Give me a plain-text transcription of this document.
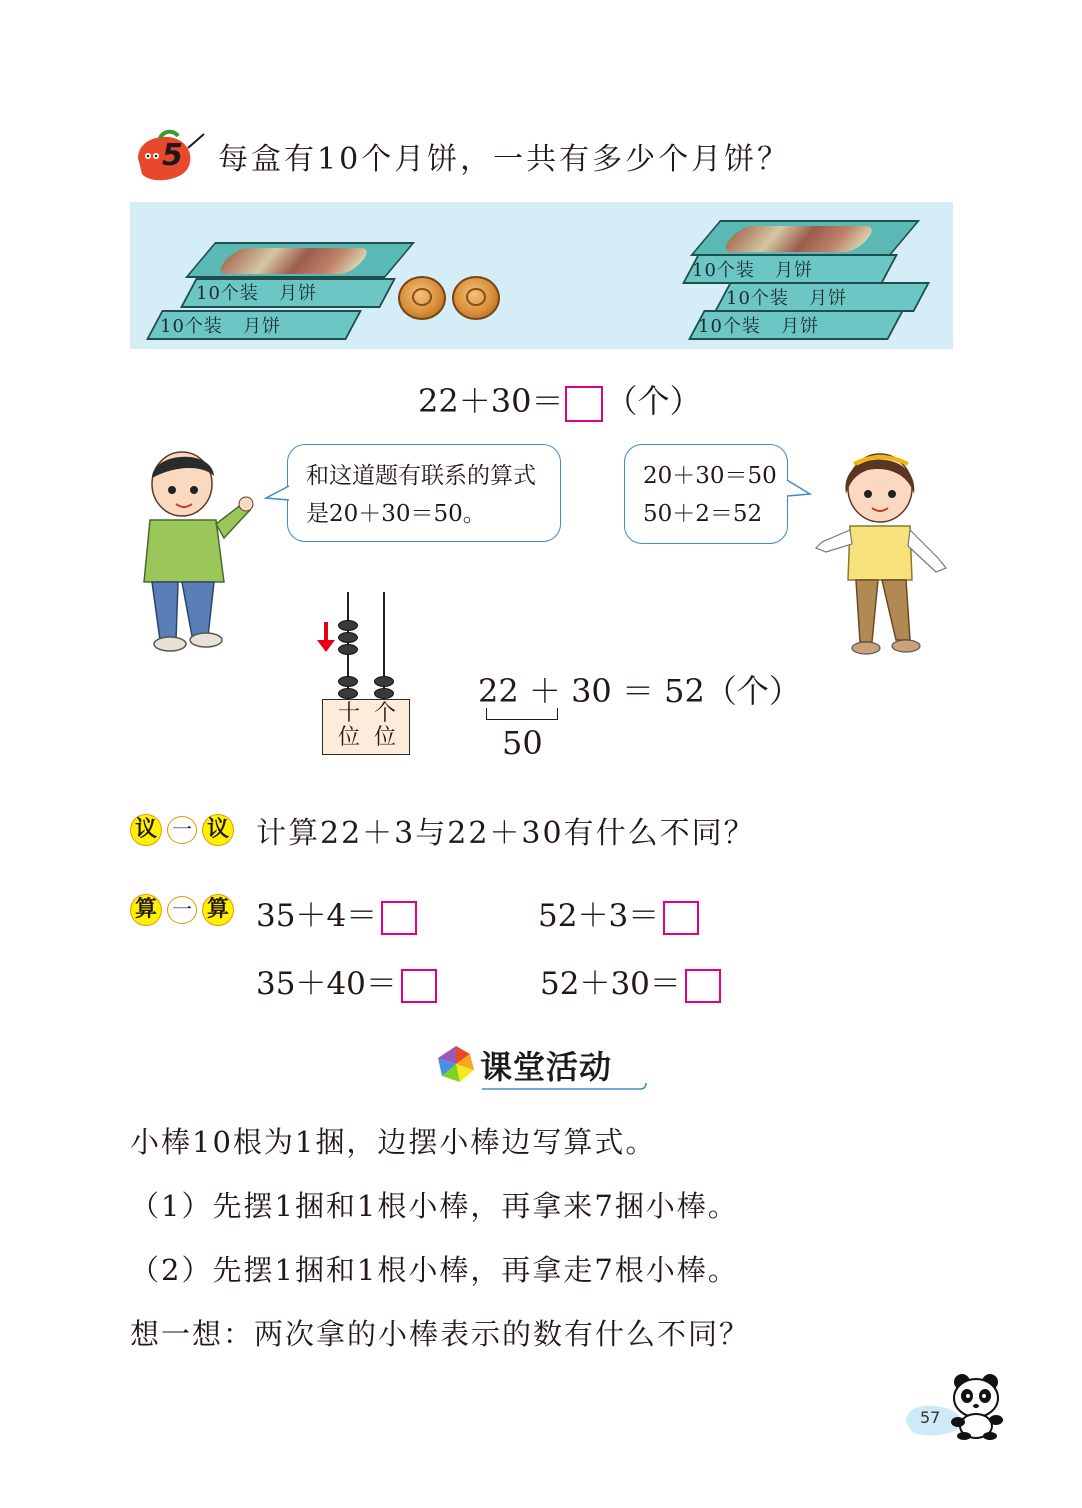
5 每盒有10个月饼，一共有多少个月饼？
10个装 月饼
10个装 月饼
10个装 月饼
10个装 月饼
10个装 月饼
22＋30＝ （个）
和这道题有联系的算式
是20＋30＝50。
20＋30＝50
50＋2＝52
十
位
个
位
22 ＋ 30 ＝ 52（个）
50
议 一 议 计算22＋3与22＋30有什么不同？
算 一 算 35＋4＝	52＋3＝
35＋40＝	52＋30＝
课堂活动
小棒10根为1捆，边摆小棒边写算式。
（1）先摆1捆和1根小棒，再拿来7捆小棒。
（2）先摆1捆和1根小棒，再拿走7根小棒。
想一想：两次拿的小棒表示的数有什么不同？
57
